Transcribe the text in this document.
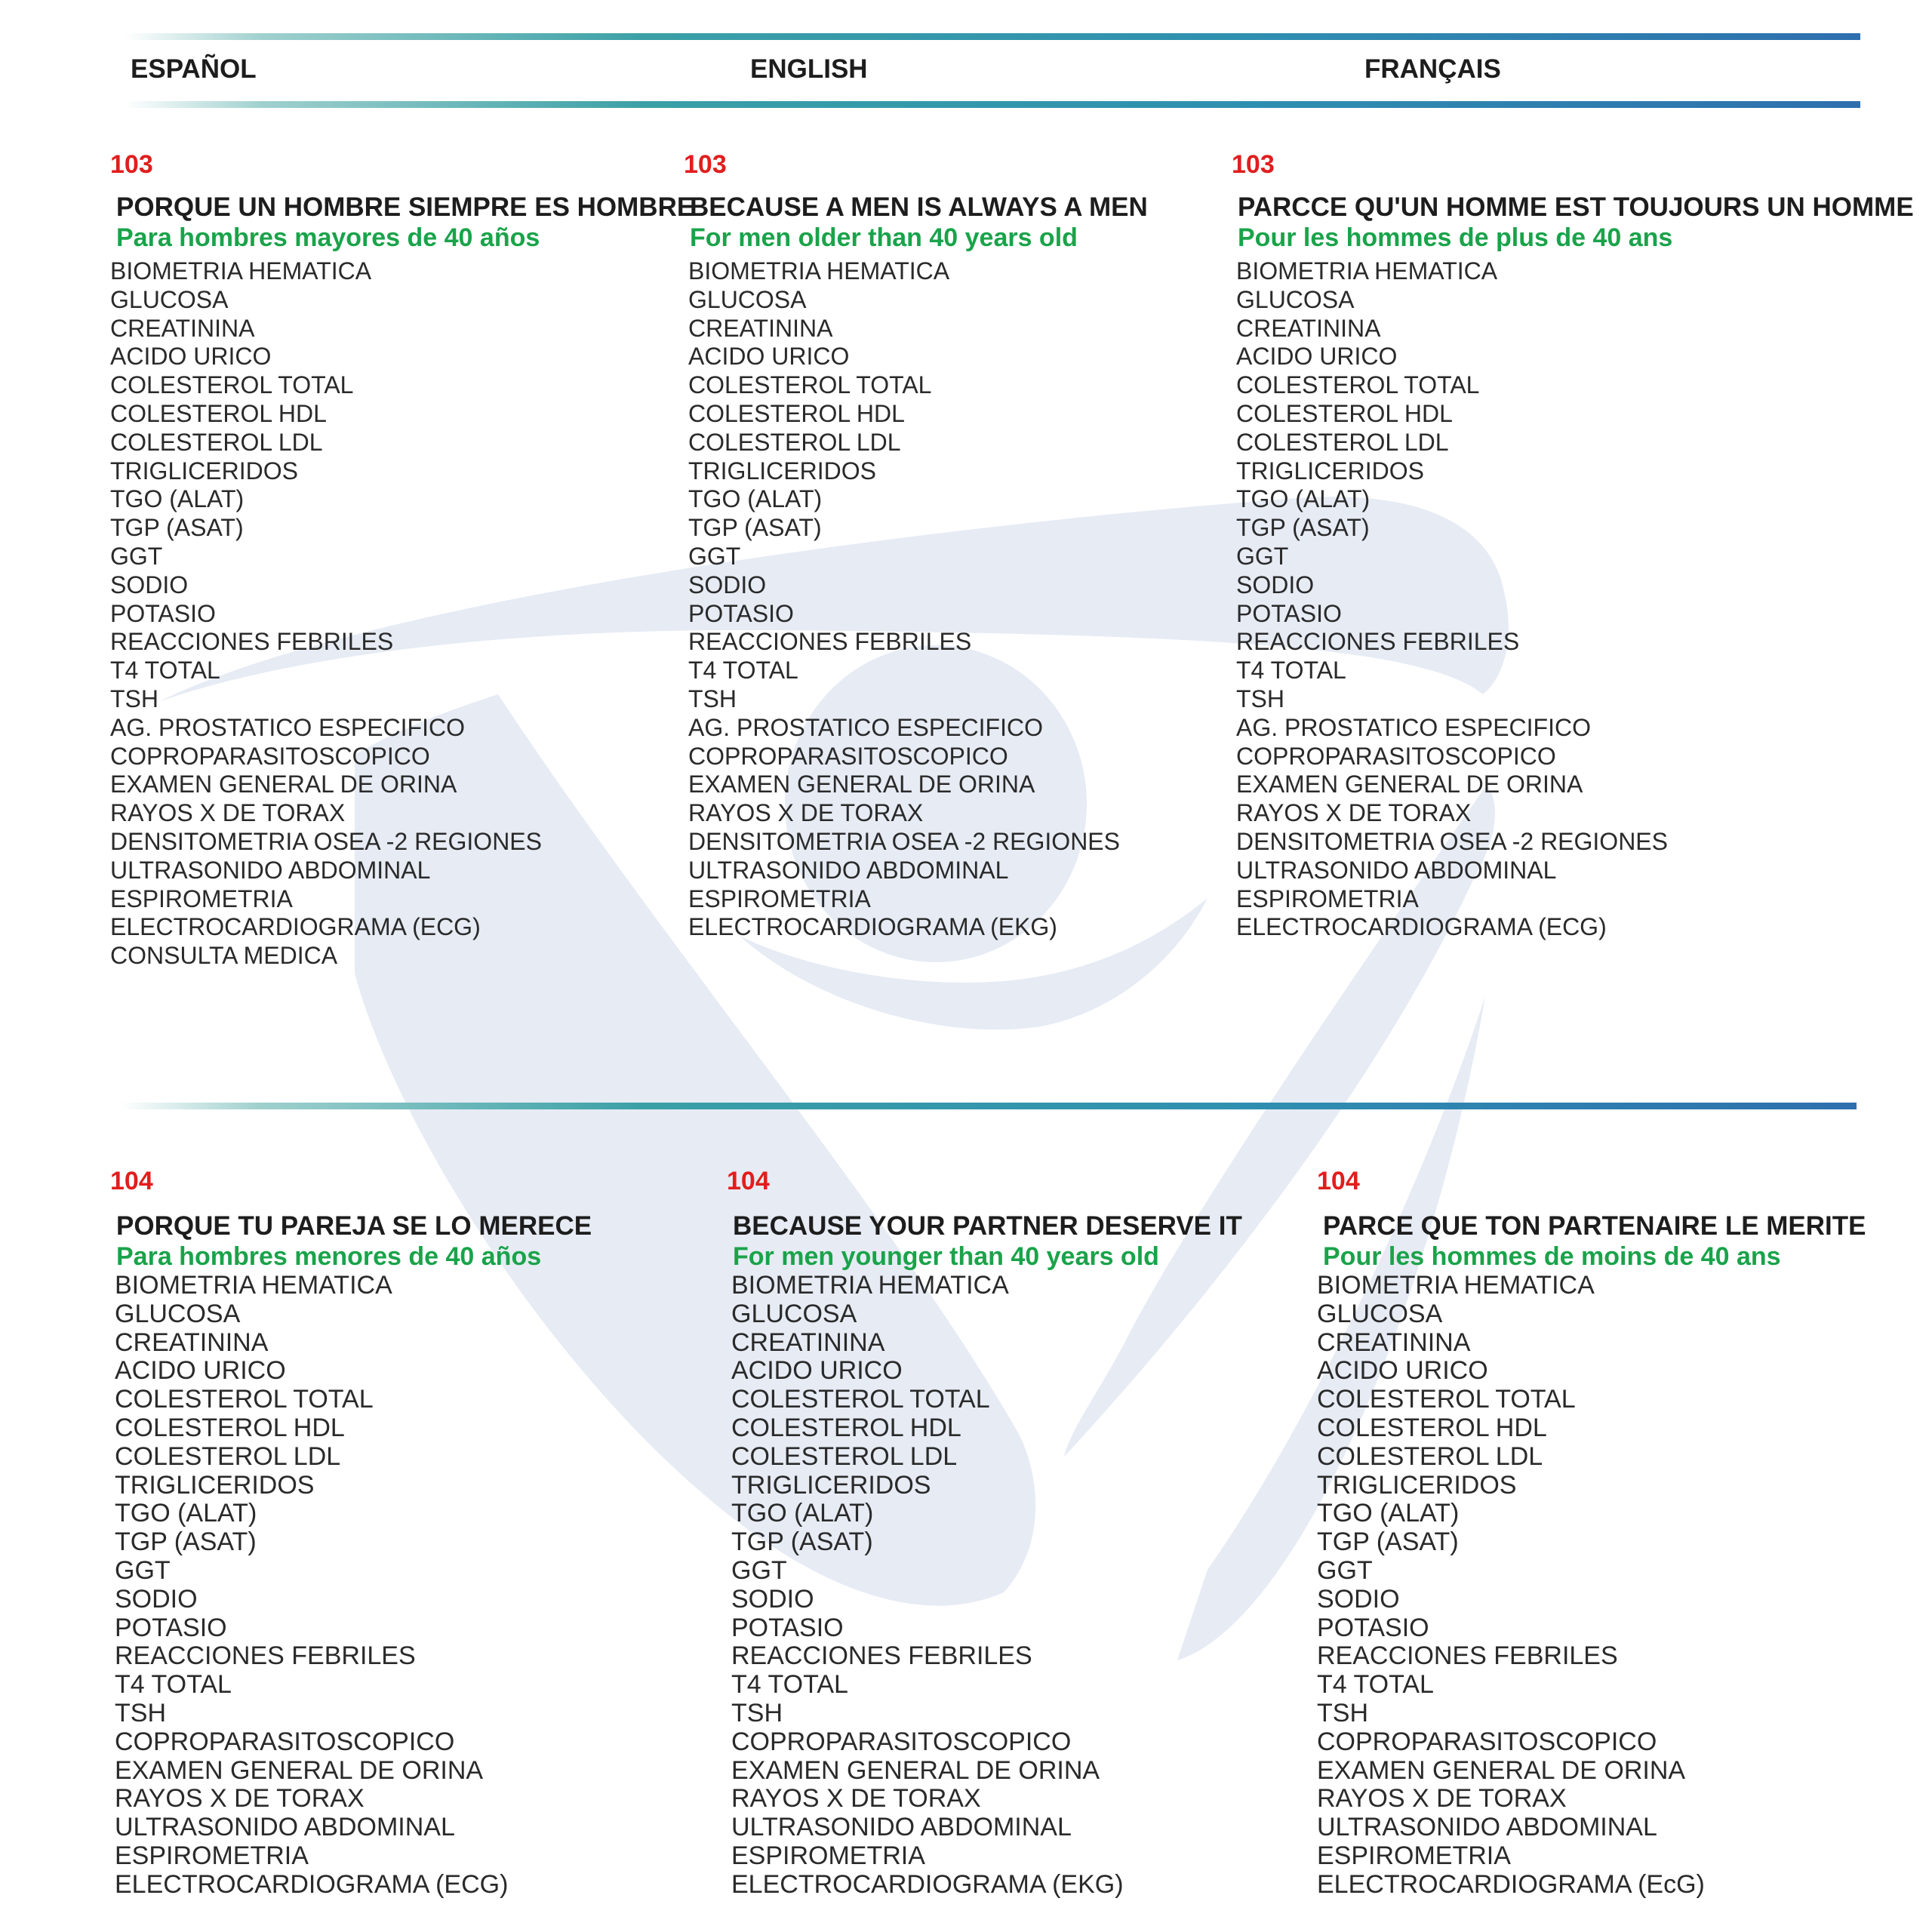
ESPAÑOL	ENGLISH	FRANÇAIS
103
PORQUE UN HOMBRE SIEMPRE ES HOMBRE
Para hombres mayores de 40 años
BIOMETRIA HEMATICA
GLUCOSA
CREATININA
ACIDO URICO
COLESTEROL TOTAL
COLESTEROL HDL
COLESTEROL LDL
TRIGLICERIDOS
TGO (ALAT)
TGP (ASAT)
GGT
SODIO
POTASIO
REACCIONES FEBRILES
T4 TOTAL
TSH
AG. PROSTATICO ESPECIFICO
COPROPARASITOSCOPICO
EXAMEN GENERAL DE ORINA
RAYOS X DE TORAX
DENSITOMETRIA OSEA -2 REGIONES
ULTRASONIDO ABDOMINAL
ESPIROMETRIA
ELECTROCARDIOGRAMA (ECG)
CONSULTA MEDICA
103
BECAUSE A MEN IS ALWAYS A MEN
For men older than 40 years old
BIOMETRIA HEMATICA
GLUCOSA
CREATININA
ACIDO URICO
COLESTEROL TOTAL
COLESTEROL HDL
COLESTEROL LDL
TRIGLICERIDOS
TGO (ALAT)
TGP (ASAT)
GGT
SODIO
POTASIO
REACCIONES FEBRILES
T4 TOTAL
TSH
AG. PROSTATICO ESPECIFICO
COPROPARASITOSCOPICO
EXAMEN GENERAL DE ORINA
RAYOS X DE TORAX
DENSITOMETRIA OSEA -2 REGIONES
ULTRASONIDO ABDOMINAL
ESPIROMETRIA
ELECTROCARDIOGRAMA (EKG)
103
PARCCE QU'UN HOMME EST TOUJOURS UN HOMME
Pour les hommes de plus de 40 ans
BIOMETRIA HEMATICA
GLUCOSA
CREATININA
ACIDO URICO
COLESTEROL TOTAL
COLESTEROL HDL
COLESTEROL LDL
TRIGLICERIDOS
TGO (ALAT)
TGP (ASAT)
GGT
SODIO
POTASIO
REACCIONES FEBRILES
T4 TOTAL
TSH
AG. PROSTATICO ESPECIFICO
COPROPARASITOSCOPICO
EXAMEN GENERAL DE ORINA
RAYOS X DE TORAX
DENSITOMETRIA OSEA -2 REGIONES
ULTRASONIDO ABDOMINAL
ESPIROMETRIA
ELECTROCARDIOGRAMA (ECG)
104
PORQUE TU PAREJA SE LO MERECE
Para hombres menores de 40 años
BIOMETRIA HEMATICA
GLUCOSA
CREATININA
ACIDO URICO
COLESTEROL TOTAL
COLESTEROL HDL
COLESTEROL LDL
TRIGLICERIDOS
TGO (ALAT)
TGP (ASAT)
GGT
SODIO
POTASIO
REACCIONES FEBRILES
T4 TOTAL
TSH
COPROPARASITOSCOPICO
EXAMEN GENERAL DE ORINA
RAYOS X DE TORAX
ULTRASONIDO ABDOMINAL
ESPIROMETRIA
ELECTROCARDIOGRAMA (ECG)
104
BECAUSE YOUR PARTNER DESERVE IT
For men younger than 40 years old
BIOMETRIA HEMATICA
GLUCOSA
CREATININA
ACIDO URICO
COLESTEROL TOTAL
COLESTEROL HDL
COLESTEROL LDL
TRIGLICERIDOS
TGO (ALAT)
TGP (ASAT)
GGT
SODIO
POTASIO
REACCIONES FEBRILES
T4 TOTAL
TSH
COPROPARASITOSCOPICO
EXAMEN GENERAL DE ORINA
RAYOS X DE TORAX
ULTRASONIDO ABDOMINAL
ESPIROMETRIA
ELECTROCARDIOGRAMA (EKG)
104
PARCE QUE TON PARTENAIRE LE MERITE
Pour les hommes de moins de 40 ans
BIOMETRIA HEMATICA
GLUCOSA
CREATININA
ACIDO URICO
COLESTEROL TOTAL
COLESTEROL HDL
COLESTEROL LDL
TRIGLICERIDOS
TGO (ALAT)
TGP (ASAT)
GGT
SODIO
POTASIO
REACCIONES FEBRILES
T4 TOTAL
TSH
COPROPARASITOSCOPICO
EXAMEN GENERAL DE ORINA
RAYOS X DE TORAX
ULTRASONIDO ABDOMINAL
ESPIROMETRIA
ELECTROCARDIOGRAMA (EcG)
